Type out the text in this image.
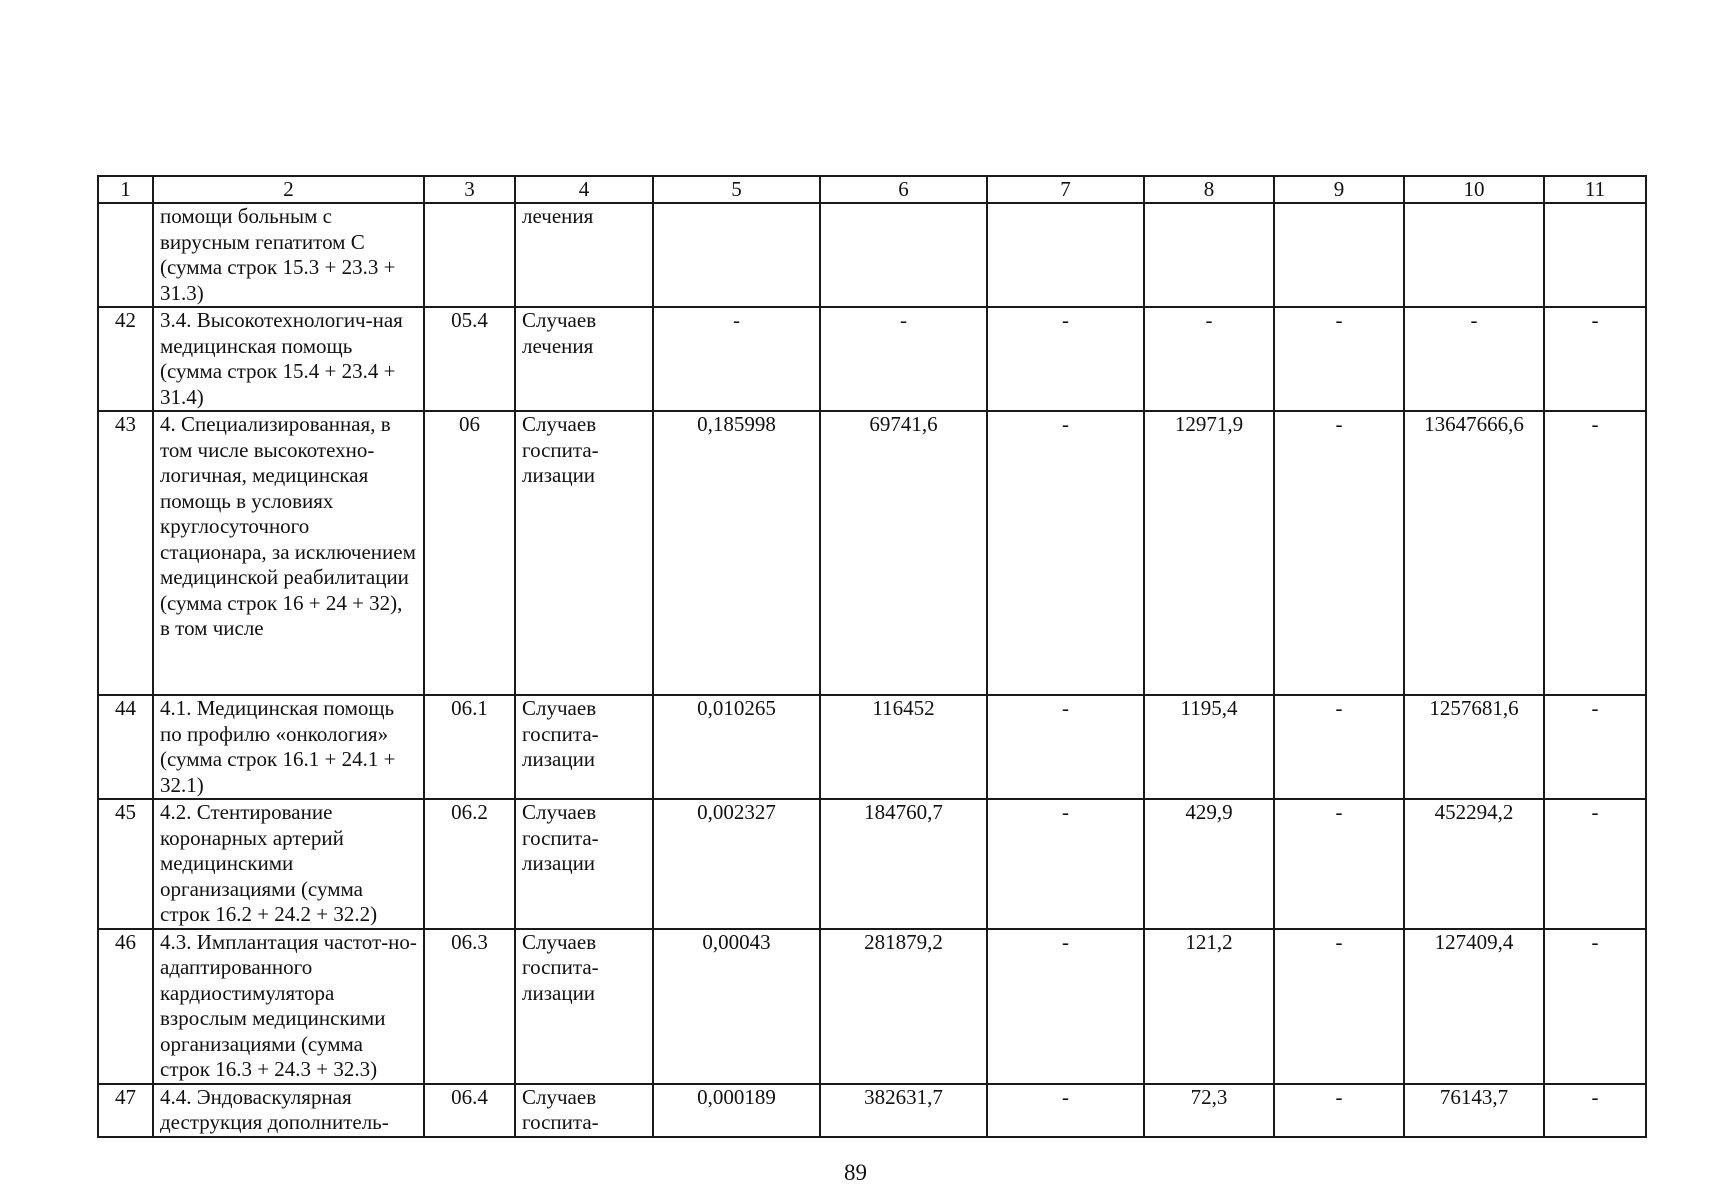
1	2	3	4	5	6	7	8	9	10	11
	помощи больным с вирусным гепатитом С (сумма строк 15.3 + 23.3 + 31.3)		лечения							
42	3.4. Высокотехнологич-ная медицинская помощь (сумма строк 15.4 + 23.4 + 31.4)	05.4	Случаев лечения	-	-	-	-	-	-	-
43	4. Специализированная, в том числе высокотехно-логичная, медицинская помощь в условиях круглосуточного стационара, за исключением медицинской реабилитации (сумма строк 16 + 24 + 32), в том числе	06	Случаев госпита-лизации	0,185998	69741,6	-	12971,9	-	13647666,6	-
44	4.1. Медицинская помощь по профилю «онкология» (сумма строк 16.1 + 24.1 + 32.1)	06.1	Случаев госпита-лизации	0,010265	116452	-	1195,4	-	1257681,6	-
45	4.2. Стентирование коронарных артерий медицинскими организациями (сумма строк 16.2 + 24.2 + 32.2)	06.2	Случаев госпита-лизации	0,002327	184760,7	-	429,9	-	452294,2	-
46	4.3. Имплантация частот-но-адаптированного кардиостимулятора взрослым медицинскими организациями (сумма строк 16.3 + 24.3 + 32.3)	06.3	Случаев госпита-лизации	0,00043	281879,2	-	121,2	-	127409,4	-
47	4.4. Эндоваскулярная деструкция дополнитель-	06.4	Случаев госпита-	0,000189	382631,7	-	72,3	-	76143,7	-
89
